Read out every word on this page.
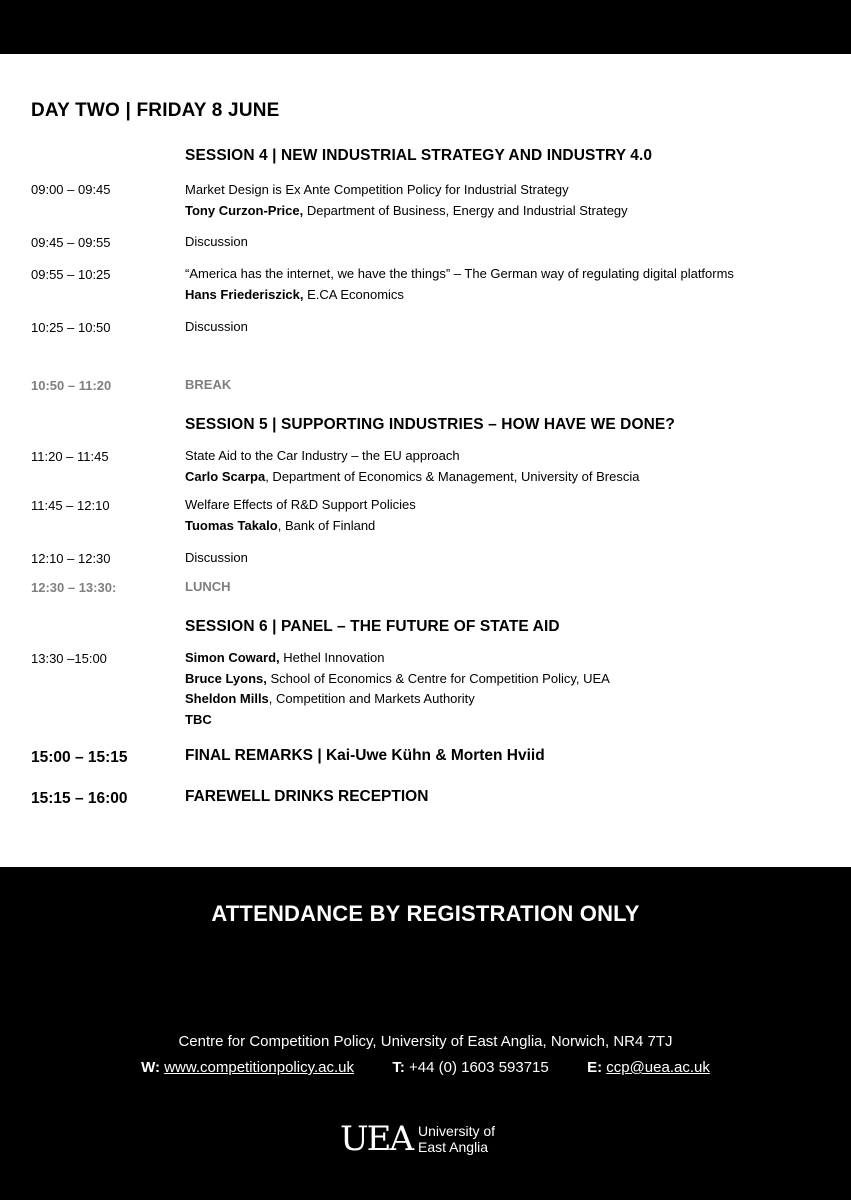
DAY TWO | FRIDAY 8 JUNE
SESSION 4 | NEW INDUSTRIAL STRATEGY AND INDUSTRY 4.0
09:00 – 09:45	Market Design is Ex Ante Competition Policy for Industrial Strategy
Tony Curzon-Price, Department of Business, Energy and Industrial Strategy
09:45 – 09:55	Discussion
09:55 – 10:25	“America has the internet, we have the things” – The German way of regulating digital platforms
Hans Friederiszick, E.CA Economics
10:25 – 10:50	Discussion
10:50 – 11:20	BREAK
SESSION 5 | SUPPORTING INDUSTRIES – HOW HAVE WE DONE?
11:20 – 11:45	State Aid to the Car Industry – the EU approach
Carlo Scarpa, Department of Economics & Management, University of Brescia
11:45 – 12:10	Welfare Effects of R&D Support Policies
Tuomas Takalo, Bank of Finland
12:10 – 12:30	Discussion
12:30 – 13:30:	LUNCH
SESSION 6 | PANEL – THE FUTURE OF STATE AID
13:30 –15:00	Simon Coward, Hethel Innovation
Bruce Lyons, School of Economics & Centre for Competition Policy, UEA
Sheldon Mills, Competition and Markets Authority
TBC
15:00 – 15:15	FINAL REMARKS | Kai-Uwe Kühn & Morten Hviid
15:15 – 16:00	FAREWELL DRINKS RECEPTION
ATTENDANCE BY REGISTRATION ONLY
Centre for Competition Policy, University of East Anglia, Norwich, NR4 7TJ
W: www.competitionpolicy.ac.uk	T: +44 (0) 1603 593715	E: ccp@uea.ac.uk
UEA University of
East Anglia
